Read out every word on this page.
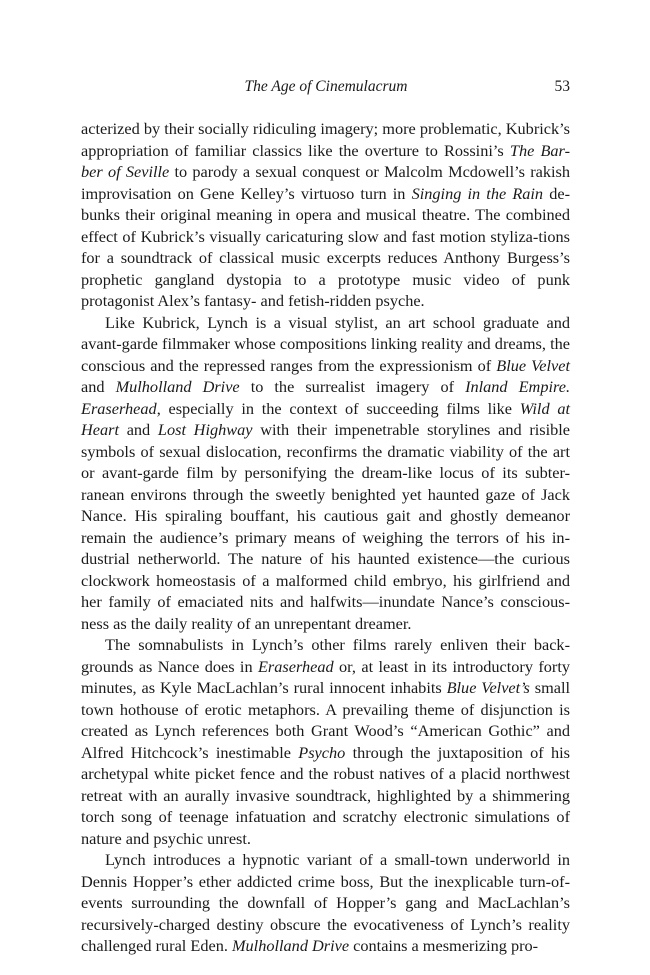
The Age of Cinemulacrum	53

acterized by their socially ridiculing imagery; more problematic, Kubrick’s appropriation of familiar classics like the overture to Rossini’s The Bar-ber of Seville to parody a sexual conquest or Malcolm Mcdowell’s rakish improvisation on Gene Kelley’s virtuoso turn in Singing in the Rain de-bunks their original meaning in opera and musical theatre. The combined effect of Kubrick’s visually caricaturing slow and fast motion styliza-tions for a soundtrack of classical music excerpts reduces Anthony Burgess’s prophetic gangland dystopia to a prototype music video of punk protagonist Alex’s fantasy- and fetish-ridden psyche.

Like Kubrick, Lynch is a visual stylist, an art school graduate and avant-garde filmmaker whose compositions linking reality and dreams, the conscious and the repressed ranges from the expressionism of Blue Velvet and Mulholland Drive to the surrealist imagery of Inland Empire. Eraserhead, especially in the context of succeeding films like Wild at Heart and Lost Highway with their impenetrable storylines and risible symbols of sexual dislocation, reconfirms the dramatic viability of the art or avant-garde film by personifying the dream-like locus of its subter-ranean environs through the sweetly benighted yet haunted gaze of Jack Nance. His spiraling bouffant, his cautious gait and ghostly demeanor remain the audience’s primary means of weighing the terrors of his in-dustrial netherworld. The nature of his haunted existence—the curious clockwork homeostasis of a malformed child embryo, his girlfriend and her family of emaciated nits and halfwits—inundate Nance’s conscious-ness as the daily reality of an unrepentant dreamer.

The somnabulists in Lynch’s other films rarely enliven their back-grounds as Nance does in Eraserhead or, at least in its introductory forty minutes, as Kyle MacLachlan’s rural innocent inhabits Blue Velvet’s small town hothouse of erotic metaphors. A prevailing theme of disjunction is created as Lynch references both Grant Wood’s “American Gothic” and Alfred Hitchcock’s inestimable Psycho through the juxtaposition of his archetypal white picket fence and the robust natives of a placid northwest retreat with an aurally invasive soundtrack, highlighted by a shimmering torch song of teenage infatuation and scratchy electronic simulations of nature and psychic unrest.

Lynch introduces a hypnotic variant of a small-town underworld in Dennis Hopper’s ether addicted crime boss, But the inexplicable turn-of-events surrounding the downfall of Hopper’s gang and MacLachlan’s recursively-charged destiny obscure the evocativeness of Lynch’s reality challenged rural Eden. Mulholland Drive contains a mesmerizing pro-
